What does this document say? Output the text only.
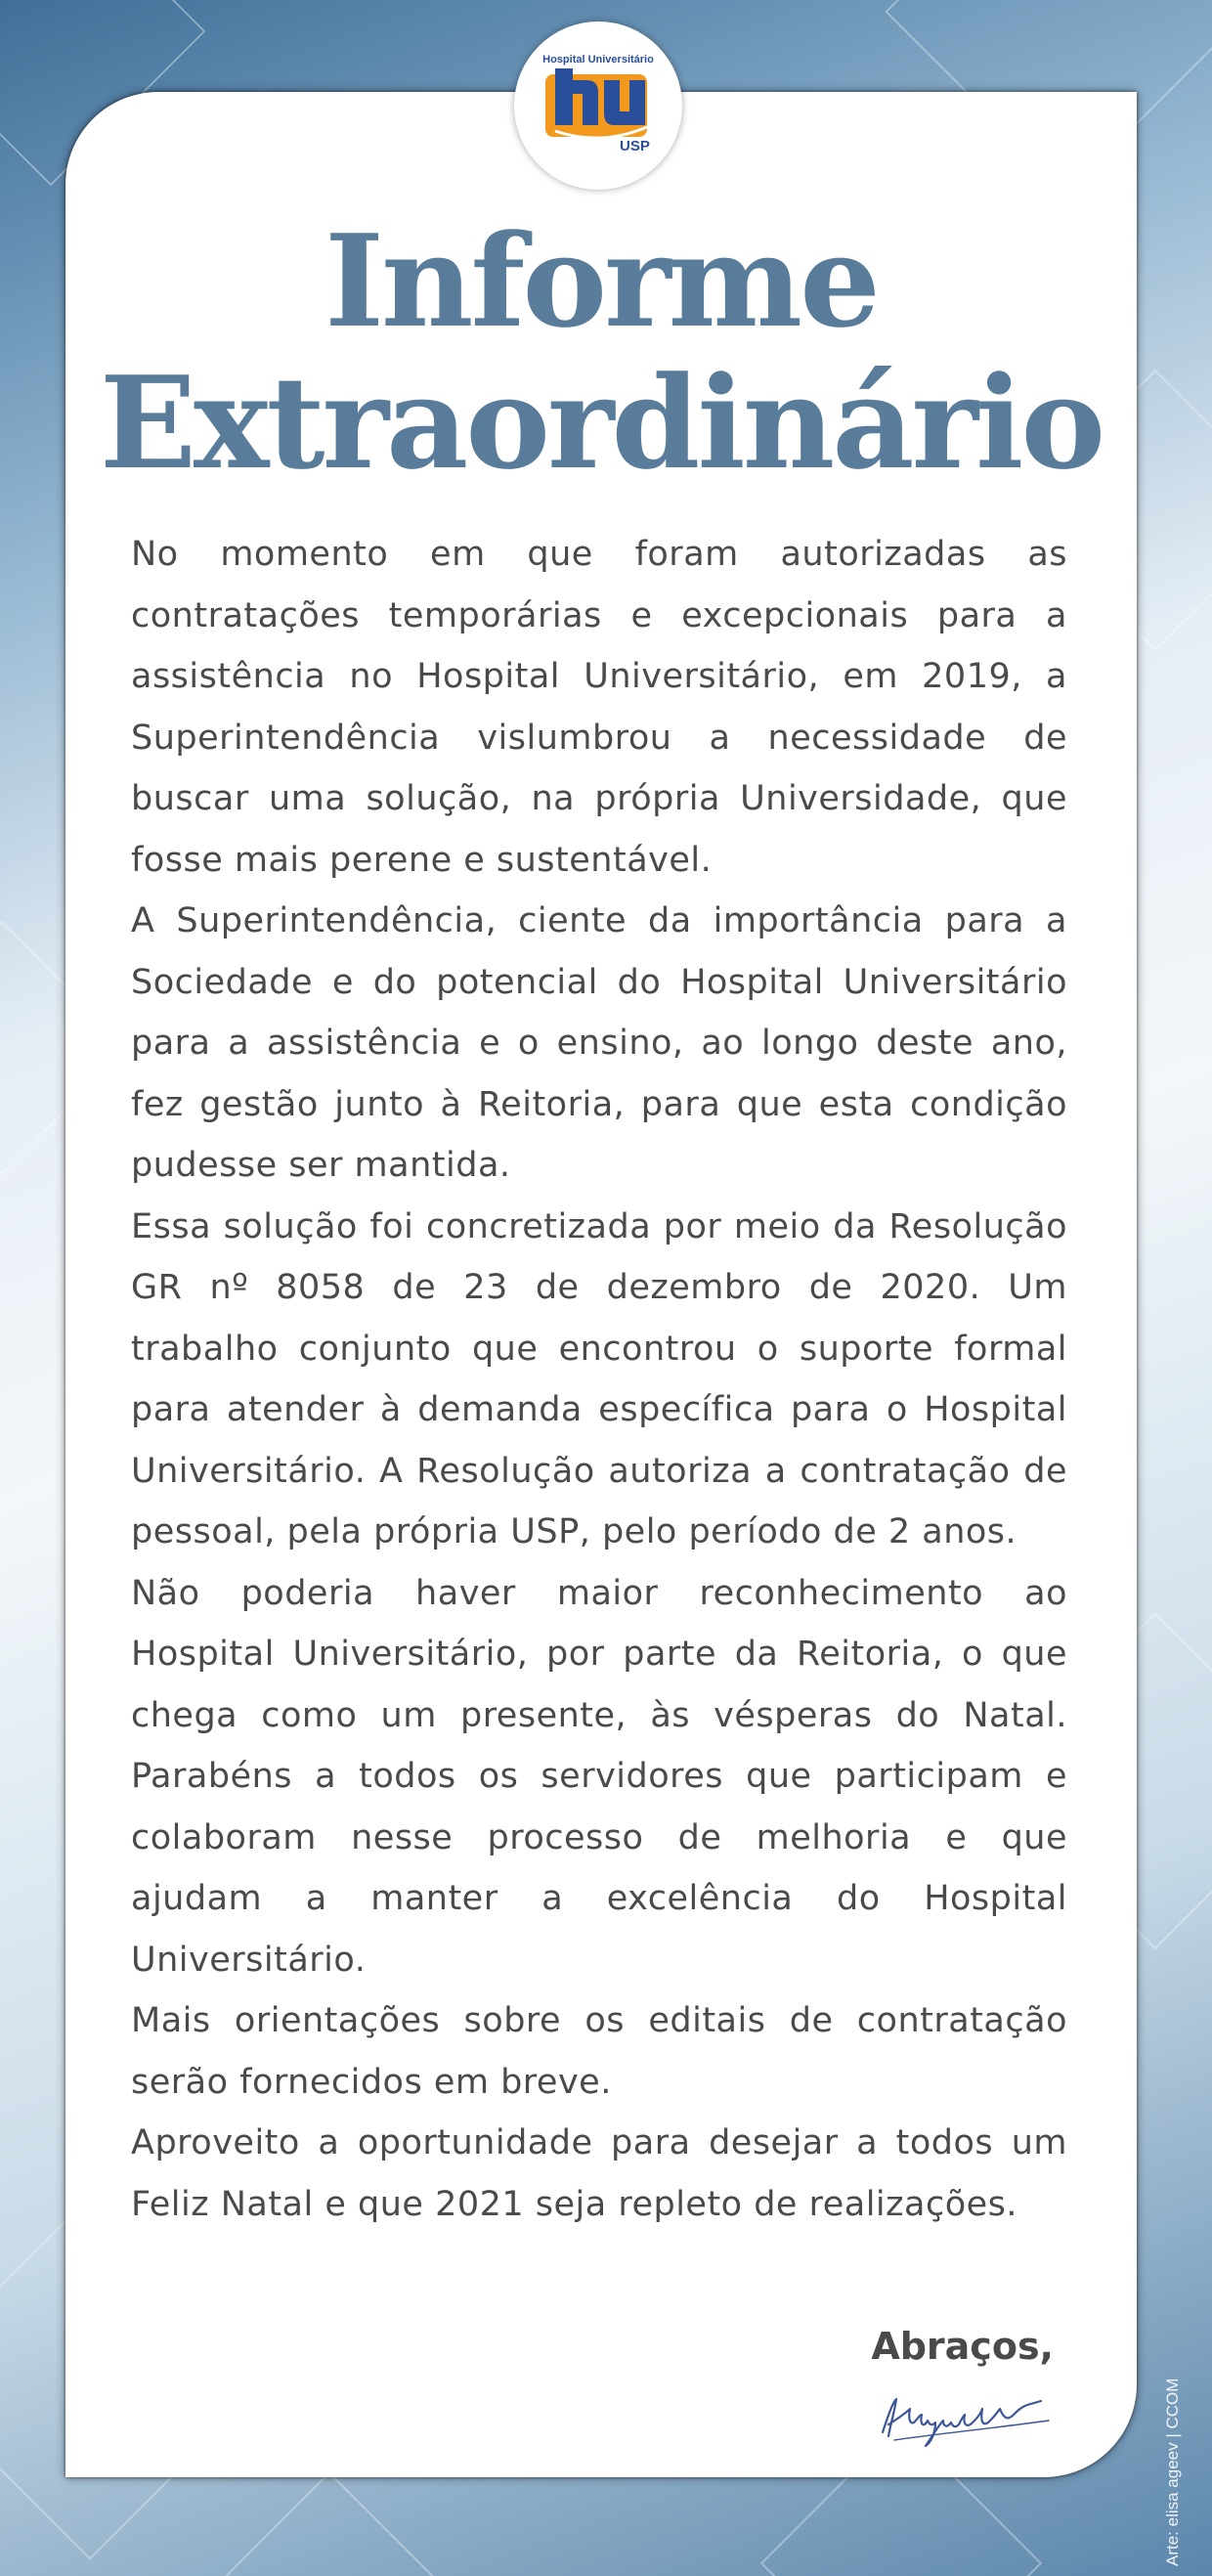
Hospital Universitário
USP
Informe
Extraordinário

No momento em que foram autorizadas as contratações temporárias e excepcionais para a assistência no Hospital Universitário, em 2019, a Superintendência vislumbrou a necessidade de buscar uma solução, na própria Universidade, que fosse mais perene e sustentável.

A Superintendência, ciente da importância para a Sociedade e do potencial do Hospital Universitário para a assistência e o ensino, ao longo deste ano, fez gestão junto à Reitoria, para que esta condição pudesse ser mantida.

Essa solução foi concretizada por meio da Resolução GR nº 8058 de 23 de dezembro de 2020. Um trabalho conjunto que encontrou o suporte formal para atender à demanda específica para o Hospital Universitário. A Resolução autoriza a contratação de pessoal, pela própria USP, pelo período de 2 anos.

Não poderia haver maior reconhecimento ao Hospital Universitário, por parte da Reitoria, o que chega como um presente, às vésperas do Natal. Parabéns a todos os servidores que participam e colaboram nesse processo de melhoria e que ajudam a manter a excelência do Hospital Universitário.

Mais orientações sobre os editais de contratação serão fornecidos em breve.

Aproveito a oportunidade para desejar a todos um Feliz Natal e que 2021 seja repleto de realizações.

Abraços,
Arte: elisa ageev | CCOM
